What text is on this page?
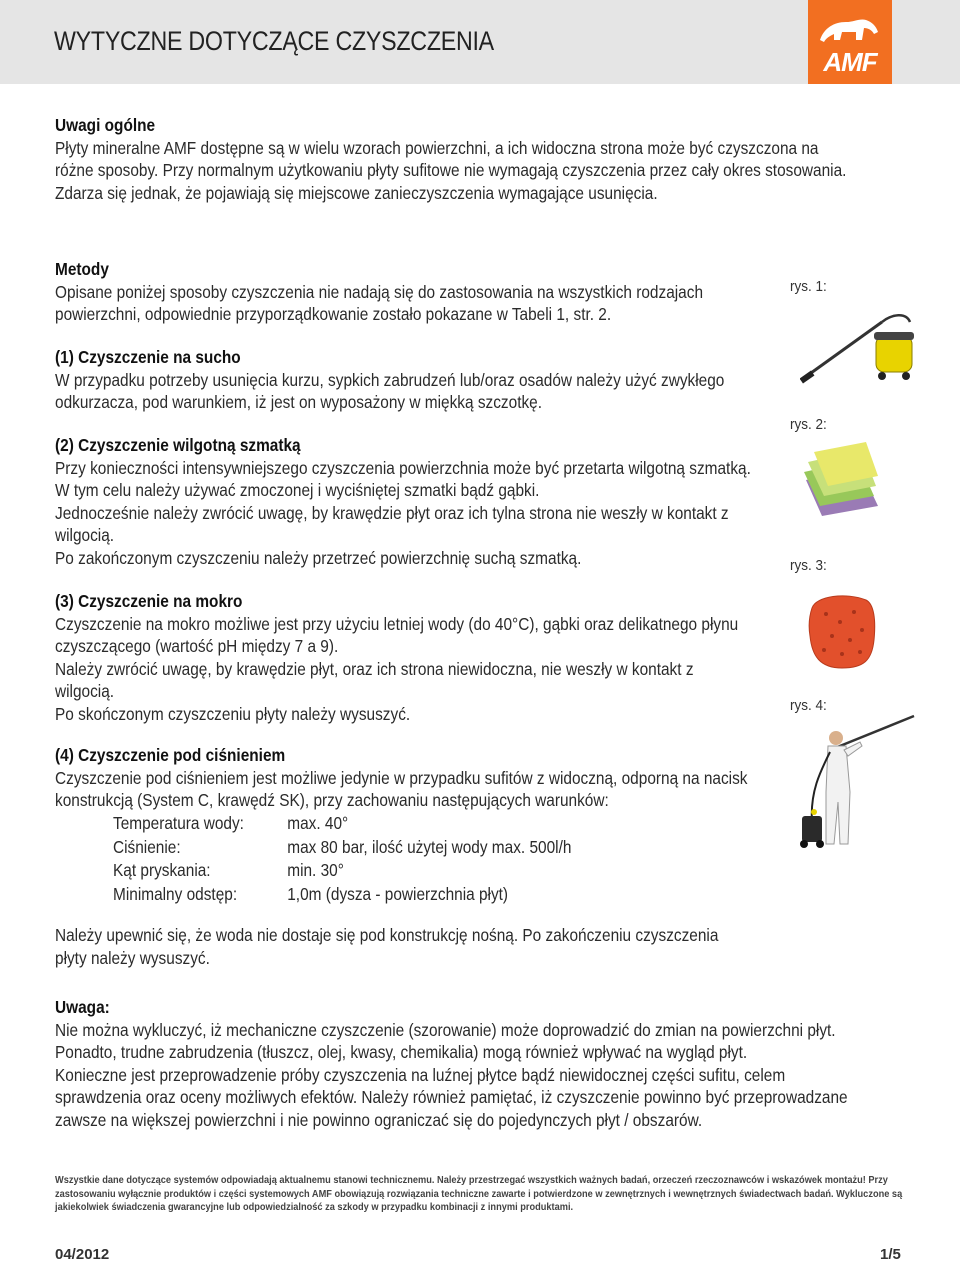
WYTYCZNE DOTYCZĄCE CZYSZCZENIA
AMF
Uwagi ogólne

Płyty mineralne AMF dostępne są w wielu wzorach powierzchni, a ich widoczna strona może być czyszczona na różne sposoby. Przy normalnym użytkowaniu płyty sufitowe nie wymagają czyszczenia przez cały okres stosowania. Zdarza się jednak, że pojawiają się miejscowe zanieczyszczenia wymagające usunięcia.

Metody

Opisane poniżej sposoby czyszczenia nie nadają się do zastosowania na wszystkich rodzajach powierzchni, odpowiednie przyporządkowanie zostało pokazane w Tabeli 1, str. 2.

(1) Czyszczenie na sucho

W przypadku potrzeby usunięcia kurzu, sypkich zabrudzeń lub/oraz osadów należy użyć zwykłego odkurzacza, pod warunkiem, iż jest on wyposażony w miękką szczotkę.

(2) Czyszczenie wilgotną szmatką

Przy konieczności intensywniejszego czyszczenia powierzchnia może być przetarta wilgotną szmatką. W tym celu należy używać zmoczonej i wyciśniętej szmatki bądź gąbki.

Jednocześnie należy zwrócić uwagę, by krawędzie płyt oraz ich tylna strona nie weszły w kontakt z wilgocią.

Po zakończonym czyszczeniu należy przetrzeć powierzchnię suchą szmatką.

(3) Czyszczenie na mokro

Czyszczenie na mokro możliwe jest przy użyciu letniej wody (do 40°C), gąbki oraz delikatnego płynu czyszczącego (wartość pH między 7 a 9).

Należy zwrócić uwagę, by krawędzie płyt, oraz ich strona niewidoczna, nie weszły w kontakt z wilgocią.

Po skończonym czyszczeniu płyty należy wysuszyć.

(4) Czyszczenie pod ciśnieniem

Czyszczenie pod ciśnieniem jest możliwe jedynie w przypadku sufitów z widoczną, odporną na nacisk konstrukcją (System C, krawędź SK), przy zachowaniu następujących warunków:

Temperatura wody:	max. 40°
Ciśnienie:	max 80 bar, ilość użytej wody max. 500l/h
Kąt pryskania:	min. 30°
Minimalny odstęp:	1,0m (dysza - powierzchnia płyt)

Należy upewnić się, że woda nie dostaje się pod konstrukcję nośną. Po zakończeniu czyszczenia płyty należy wysuszyć.

Uwaga:

Nie można wykluczyć, iż mechaniczne czyszczenie (szorowanie) może doprowadzić do zmian na powierzchni płyt.

Ponadto, trudne zabrudzenia (tłuszcz, olej, kwasy, chemikalia) mogą również wpływać na wygląd płyt.

Konieczne jest przeprowadzenie próby czyszczenia na luźnej płytce bądź niewidocznej części sufitu, celem sprawdzenia oraz oceny możliwych efektów. Należy również pamiętać, iż czyszczenie powinno być przeprowadzane zawsze na większej powierzchni i nie powinno ograniczać się do pojedynczych płyt / obszarów.

rys. 1:
rys. 2:
rys. 3:
rys. 4:
Wszystkie dane dotyczące systemów odpowiadają aktualnemu stanowi technicznemu. Należy przestrzegać wszystkich ważnych badań, orzeczeń rzeczoznawców i wskazówek montażu! Przy zastosowaniu wyłącznie produktów i części systemowych AMF obowiązują rozwiązania techniczne zawarte i potwierdzone w zewnętrznych i wewnętrznych świadectwach badań. Wykluczone są jakiekolwiek świadczenia gwarancyjne lub odpowiedzialność za szkody w przypadku kombinacji z innymi produktami.
04/2012	1/5
